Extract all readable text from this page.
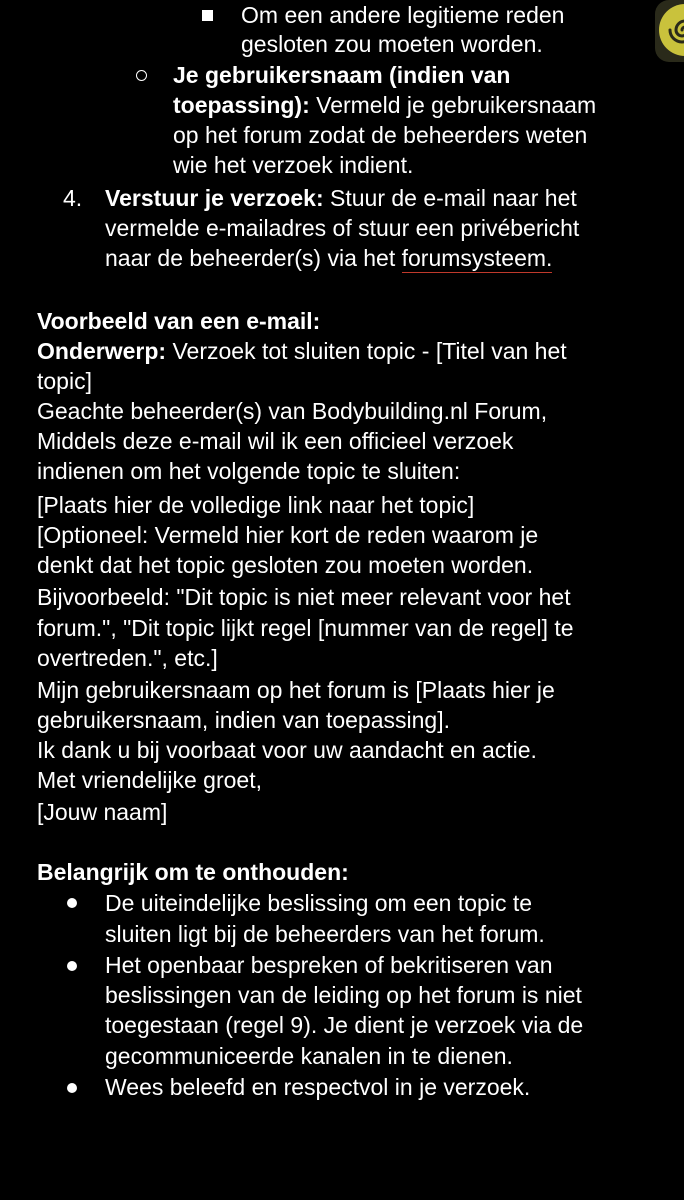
Om een andere legitieme reden
gesloten zou moeten worden.
Je gebruikersnaam (indien van
toepassing): Vermeld je gebruikersnaam
op het forum zodat de beheerders weten
wie het verzoek indient.
4. Verstuur je verzoek: Stuur de e-mail naar het
vermelde e-mailadres of stuur een privébericht
naar de beheerder(s) via het forumsysteem.
Voorbeeld van een e-mail:
Onderwerp: Verzoek tot sluiten topic - [Titel van het
topic]
Geachte beheerder(s) van Bodybuilding.nl Forum,
Middels deze e-mail wil ik een officieel verzoek
indienen om het volgende topic te sluiten:
[Plaats hier de volledige link naar het topic]
[Optioneel: Vermeld hier kort de reden waarom je
denkt dat het topic gesloten zou moeten worden.
Bijvoorbeeld: "Dit topic is niet meer relevant voor het
forum.", "Dit topic lijkt regel [nummer van de regel] te
overtreden.", etc.]
Mijn gebruikersnaam op het forum is [Plaats hier je
gebruikersnaam, indien van toepassing].
Ik dank u bij voorbaat voor uw aandacht en actie.
Met vriendelijke groet,
[Jouw naam]
Belangrijk om te onthouden:
De uiteindelijke beslissing om een topic te
sluiten ligt bij de beheerders van het forum.
Het openbaar bespreken of bekritiseren van
beslissingen van de leiding op het forum is niet
toegestaan (regel 9). Je dient je verzoek via de
gecommuniceerde kanalen in te dienen.
Wees beleefd en respectvol in je verzoek.
